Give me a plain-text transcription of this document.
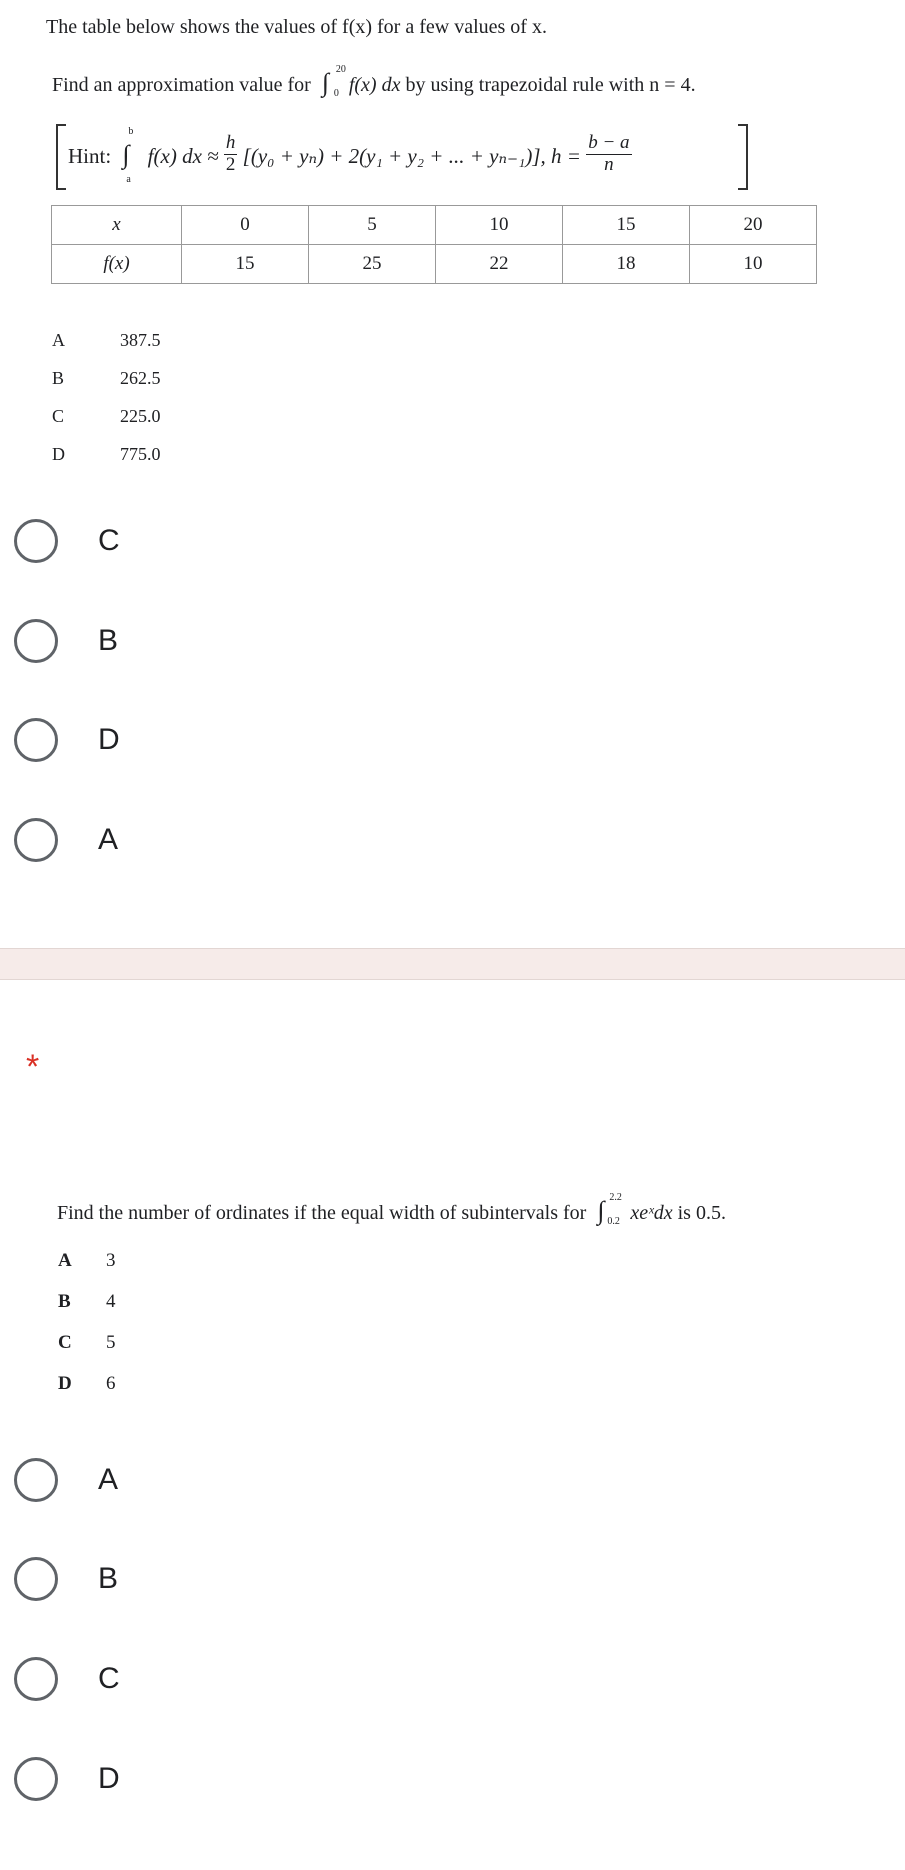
The table below shows the values of f(x) for a few values of x.
Find an approximation value for ∫ 20
0 f(x) dx by using trapezoidal rule with n = 4.
Hint: ∫
b
a
f(x) dx ≈ $\frac{h}{2} [(y_0 + y_n) + 2(y_1 + y_2$ + ... + yₙ₋₁)], $h = \frac{b - a}{n}$
x	0	5	10	15	20
f(x)	15	25	22	18	10
A	387.5
B	262.5
C	225.0
D	775.0
C
B
D
A
*
Find the number of ordinates if the equal width of subintervals for ∫ 2.2
0.2 xeˣdx is 0.5.
A 3
B 4
C 5
D 6
A
B
C
D
